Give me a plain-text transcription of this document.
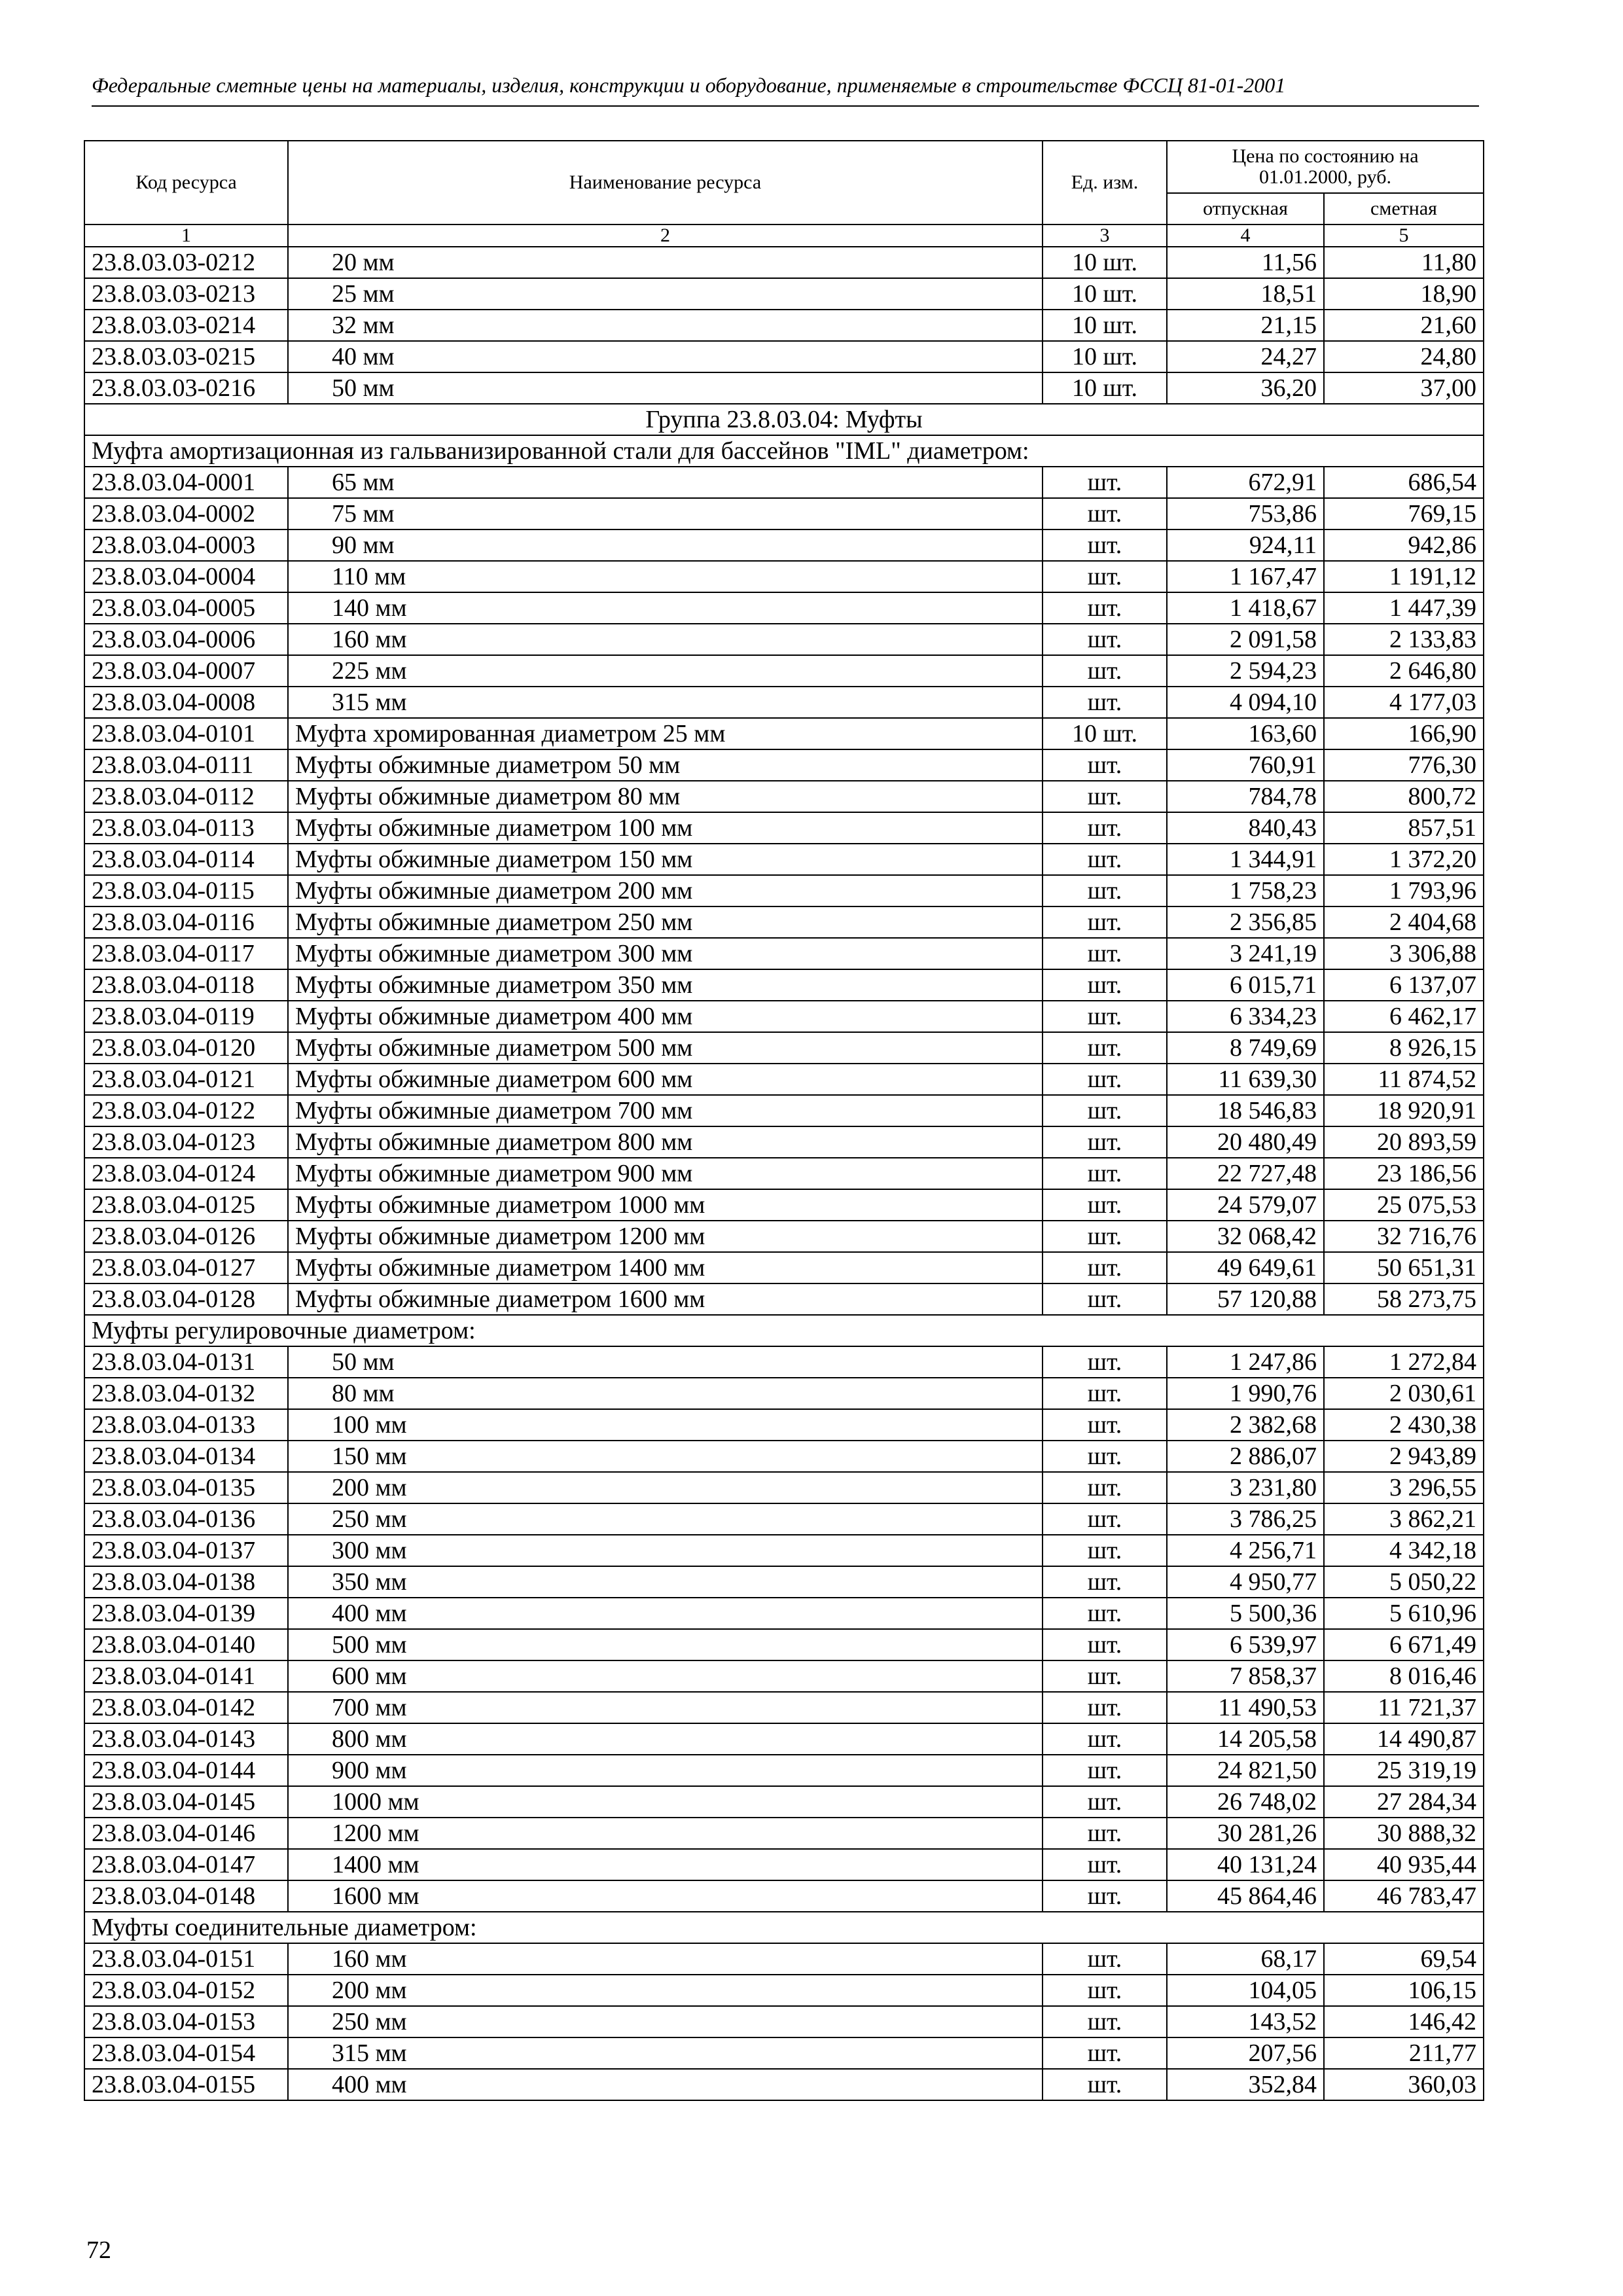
Федеральные сметные цены на материалы, изделия, конструкции и оборудование, применяемые в строительстве ФССЦ 81-01-2001
Код ресурса	Наименование ресурса	Ед. изм.	Цена по состоянию на 01.01.2000, руб.	
			отпускная	сметная
1	2	3	4	5
23.8.03.03-0212	20 мм	10 шт.	11,56	11,80
23.8.03.03-0213	25 мм	10 шт.	18,51	18,90
23.8.03.03-0214	32 мм	10 шт.	21,15	21,60
23.8.03.03-0215	40 мм	10 шт.	24,27	24,80
23.8.03.03-0216	50 мм	10 шт.	36,20	37,00
Группа 23.8.03.04: Муфты				
Муфта амортизационная из гальванизированной стали для бассейнов "IML" диаметром:				
23.8.03.04-0001	65 мм	шт.	672,91	686,54
23.8.03.04-0002	75 мм	шт.	753,86	769,15
23.8.03.04-0003	90 мм	шт.	924,11	942,86
23.8.03.04-0004	110 мм	шт.	1 167,47	1 191,12
23.8.03.04-0005	140 мм	шт.	1 418,67	1 447,39
23.8.03.04-0006	160 мм	шт.	2 091,58	2 133,83
23.8.03.04-0007	225 мм	шт.	2 594,23	2 646,80
23.8.03.04-0008	315 мм	шт.	4 094,10	4 177,03
23.8.03.04-0101	Муфта хромированная диаметром 25 мм	10 шт.	163,60	166,90
23.8.03.04-0111	Муфты обжимные диаметром 50 мм	шт.	760,91	776,30
23.8.03.04-0112	Муфты обжимные диаметром 80 мм	шт.	784,78	800,72
23.8.03.04-0113	Муфты обжимные диаметром 100 мм	шт.	840,43	857,51
23.8.03.04-0114	Муфты обжимные диаметром 150 мм	шт.	1 344,91	1 372,20
23.8.03.04-0115	Муфты обжимные диаметром 200 мм	шт.	1 758,23	1 793,96
23.8.03.04-0116	Муфты обжимные диаметром 250 мм	шт.	2 356,85	2 404,68
23.8.03.04-0117	Муфты обжимные диаметром 300 мм	шт.	3 241,19	3 306,88
23.8.03.04-0118	Муфты обжимные диаметром 350 мм	шт.	6 015,71	6 137,07
23.8.03.04-0119	Муфты обжимные диаметром 400 мм	шт.	6 334,23	6 462,17
23.8.03.04-0120	Муфты обжимные диаметром 500 мм	шт.	8 749,69	8 926,15
23.8.03.04-0121	Муфты обжимные диаметром 600 мм	шт.	11 639,30	11 874,52
23.8.03.04-0122	Муфты обжимные диаметром 700 мм	шт.	18 546,83	18 920,91
23.8.03.04-0123	Муфты обжимные диаметром 800 мм	шт.	20 480,49	20 893,59
23.8.03.04-0124	Муфты обжимные диаметром 900 мм	шт.	22 727,48	23 186,56
23.8.03.04-0125	Муфты обжимные диаметром 1000 мм	шт.	24 579,07	25 075,53
23.8.03.04-0126	Муфты обжимные диаметром 1200 мм	шт.	32 068,42	32 716,76
23.8.03.04-0127	Муфты обжимные диаметром 1400 мм	шт.	49 649,61	50 651,31
23.8.03.04-0128	Муфты обжимные диаметром 1600 мм	шт.	57 120,88	58 273,75
Муфты регулировочные диаметром:				
23.8.03.04-0131	50 мм	шт.	1 247,86	1 272,84
23.8.03.04-0132	80 мм	шт.	1 990,76	2 030,61
23.8.03.04-0133	100 мм	шт.	2 382,68	2 430,38
23.8.03.04-0134	150 мм	шт.	2 886,07	2 943,89
23.8.03.04-0135	200 мм	шт.	3 231,80	3 296,55
23.8.03.04-0136	250 мм	шт.	3 786,25	3 862,21
23.8.03.04-0137	300 мм	шт.	4 256,71	4 342,18
23.8.03.04-0138	350 мм	шт.	4 950,77	5 050,22
23.8.03.04-0139	400 мм	шт.	5 500,36	5 610,96
23.8.03.04-0140	500 мм	шт.	6 539,97	6 671,49
23.8.03.04-0141	600 мм	шт.	7 858,37	8 016,46
23.8.03.04-0142	700 мм	шт.	11 490,53	11 721,37
23.8.03.04-0143	800 мм	шт.	14 205,58	14 490,87
23.8.03.04-0144	900 мм	шт.	24 821,50	25 319,19
23.8.03.04-0145	1000 мм	шт.	26 748,02	27 284,34
23.8.03.04-0146	1200 мм	шт.	30 281,26	30 888,32
23.8.03.04-0147	1400 мм	шт.	40 131,24	40 935,44
23.8.03.04-0148	1600 мм	шт.	45 864,46	46 783,47
Муфты соединительные диаметром:				
23.8.03.04-0151	160 мм	шт.	68,17	69,54
23.8.03.04-0152	200 мм	шт.	104,05	106,15
23.8.03.04-0153	250 мм	шт.	143,52	146,42
23.8.03.04-0154	315 мм	шт.	207,56	211,77
23.8.03.04-0155	400 мм	шт.	352,84	360,03
72
